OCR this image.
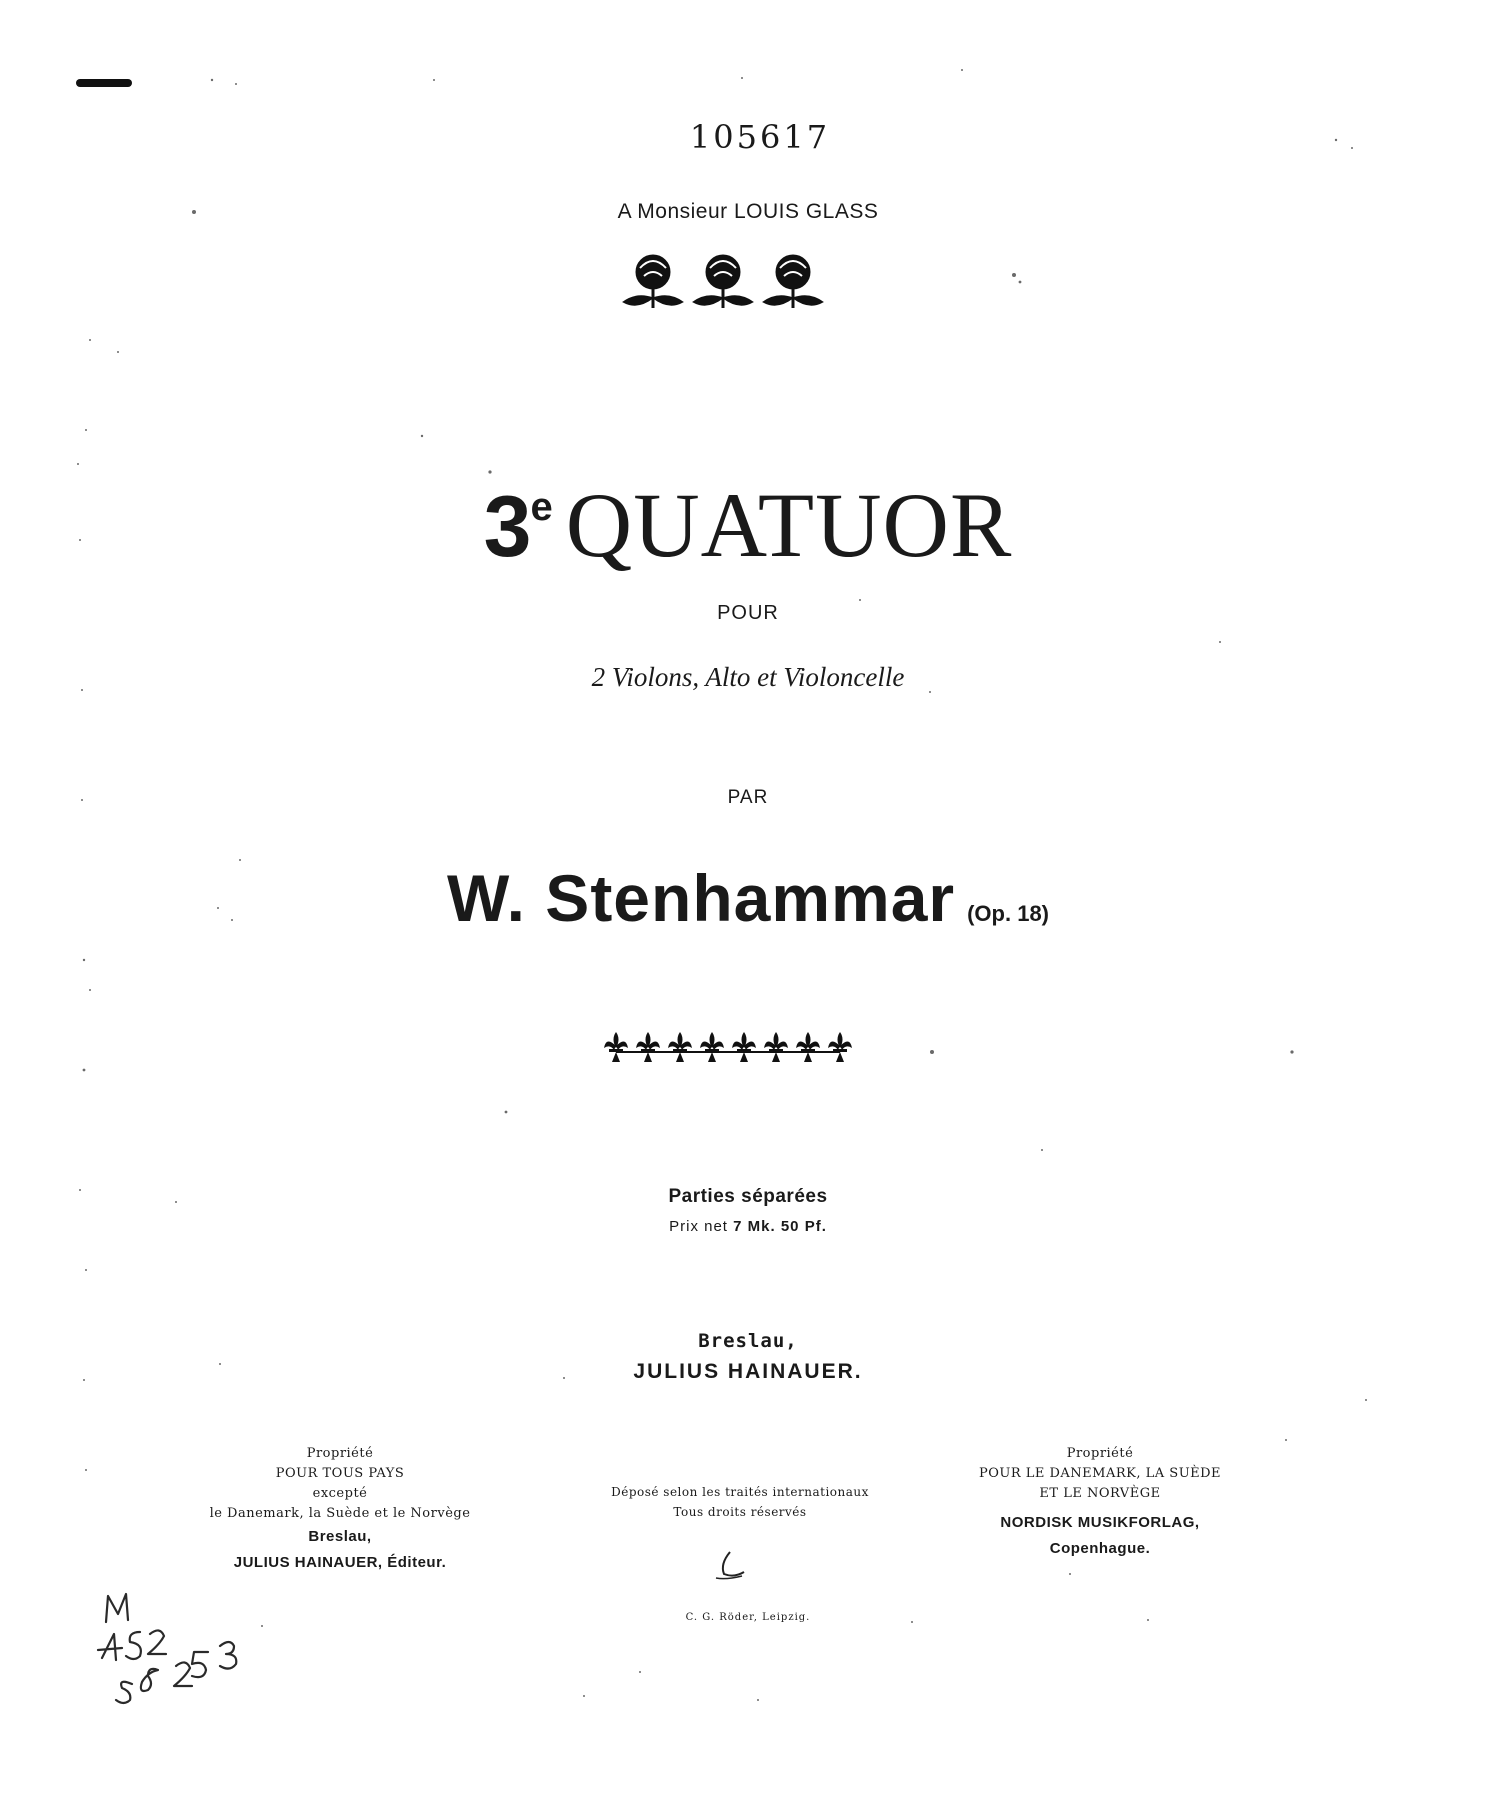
105617
A Monsieur LOUIS GLASS
3e QUATUOR
POUR
2 Violons, Alto et Violoncelle
PAR
W. Stenhammar (Op. 18)
Parties séparées
Prix net 7 Mk. 50 Pf.
Breslau,
JULIUS HAINAUER.
Propriété
POUR TOUS PAYS
excepté
le Danemark, la Suède et le Norvège
Breslau,
JULIUS HAINAUER, Éditeur.
Déposé selon les traités internationaux
Tous droits réservés
Propriété
POUR LE DANEMARK, LA SUÈDE
ET LE NORVÈGE
NORDISK MUSIKFORLAG,
Copenhague.
C. G. Röder, Leipzig.
